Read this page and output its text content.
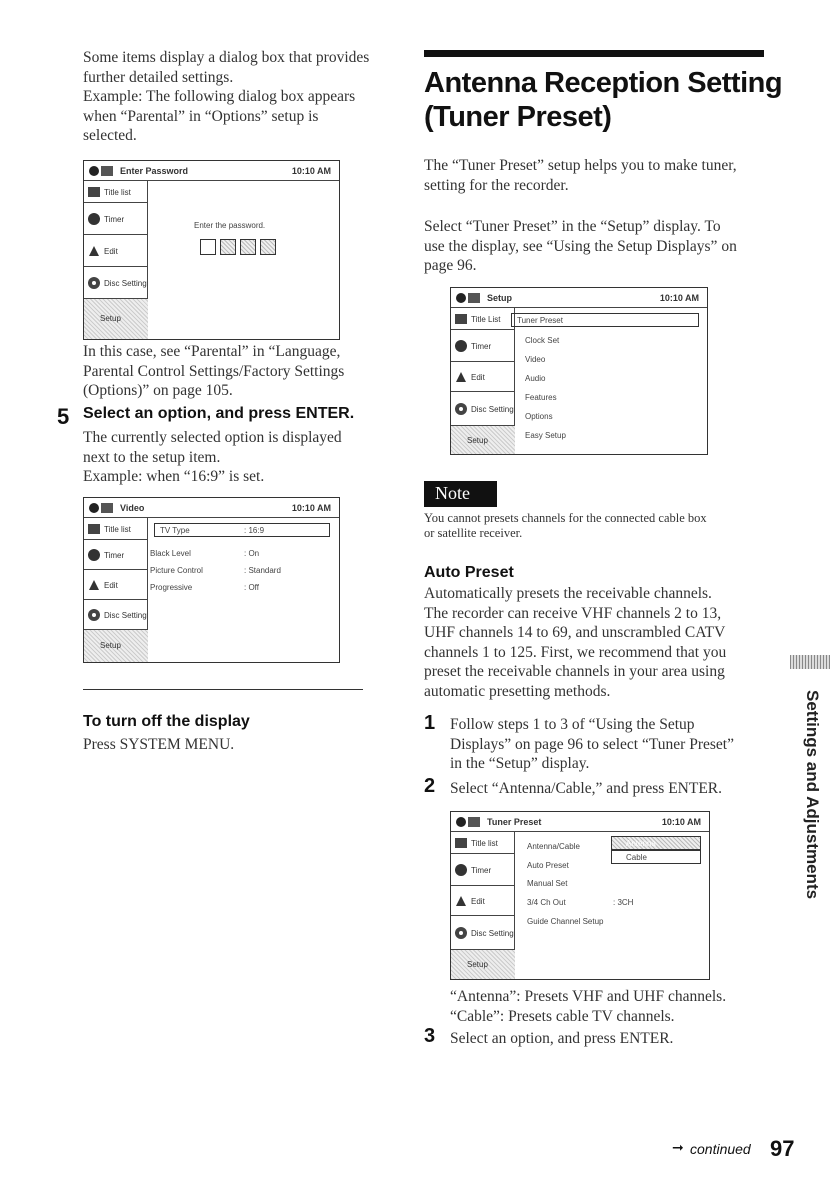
Some items display a dialog box that provides
further detailed settings.
Example: The following dialog box appears
when “Parental” in “Options” setup is
selected.
Enter Password	10:10 AM
Title list
Timer
Edit
Disc Setting
Setup
Enter the password.
In this case, see “Parental” in “Language,
Parental Control Settings/Factory Settings
(Options)” on page 105.
5 Select an option, and press ENTER.
The currently selected option is displayed
next to the setup item.
Example: when “16:9” is set.
Video	10:10 AM
Title list
Timer
Edit
Disc Setting
Setup
TV Type	: 16:9
Black Level	: On
Picture Control	: Standard
Progressive	: Off
To turn off the display
Press SYSTEM MENU.
Antenna Reception Setting
(Tuner Preset)
The “Tuner Preset” setup helps you to make tuner,
setting for the recorder.
Select “Tuner Preset” in the “Setup” display. To
use the display, see “Using the Setup Displays” on
page 96.
Setup	10:10 AM
Title List
Timer
Edit
Disc Setting
Setup
Tuner Preset
Clock Set
Video
Audio
Features
Options
Easy Setup
Note
You cannot presets channels for the connected cable box
or satellite receiver.
Auto Preset
Automatically presets the receivable channels.
The recorder can receive VHF channels 2 to 13,
UHF channels 14 to 69, and unscrambled CATV
channels 1 to 125. First, we recommend that you
preset the receivable channels in your area using
automatic presetting methods.
1 Follow steps 1 to 3 of “Using the Setup
Displays” on page 96 to select “Tuner Preset”
in the “Setup” display.
2 Select “Antenna/Cable,” and press ENTER.
Tuner Preset	10:10 AM
Title list
Timer
Edit
Disc Setting
Setup
Antenna/Cable
Auto Preset
Manual Set
3/4 Ch Out	: 3CH
Guide Channel Setup
Antenna
Cable
“Antenna”: Presets VHF and UHF channels.
“Cable”: Presets cable TV channels.
3 Select an option, and press ENTER.
Settings and Adjustments
➞ continued 97
